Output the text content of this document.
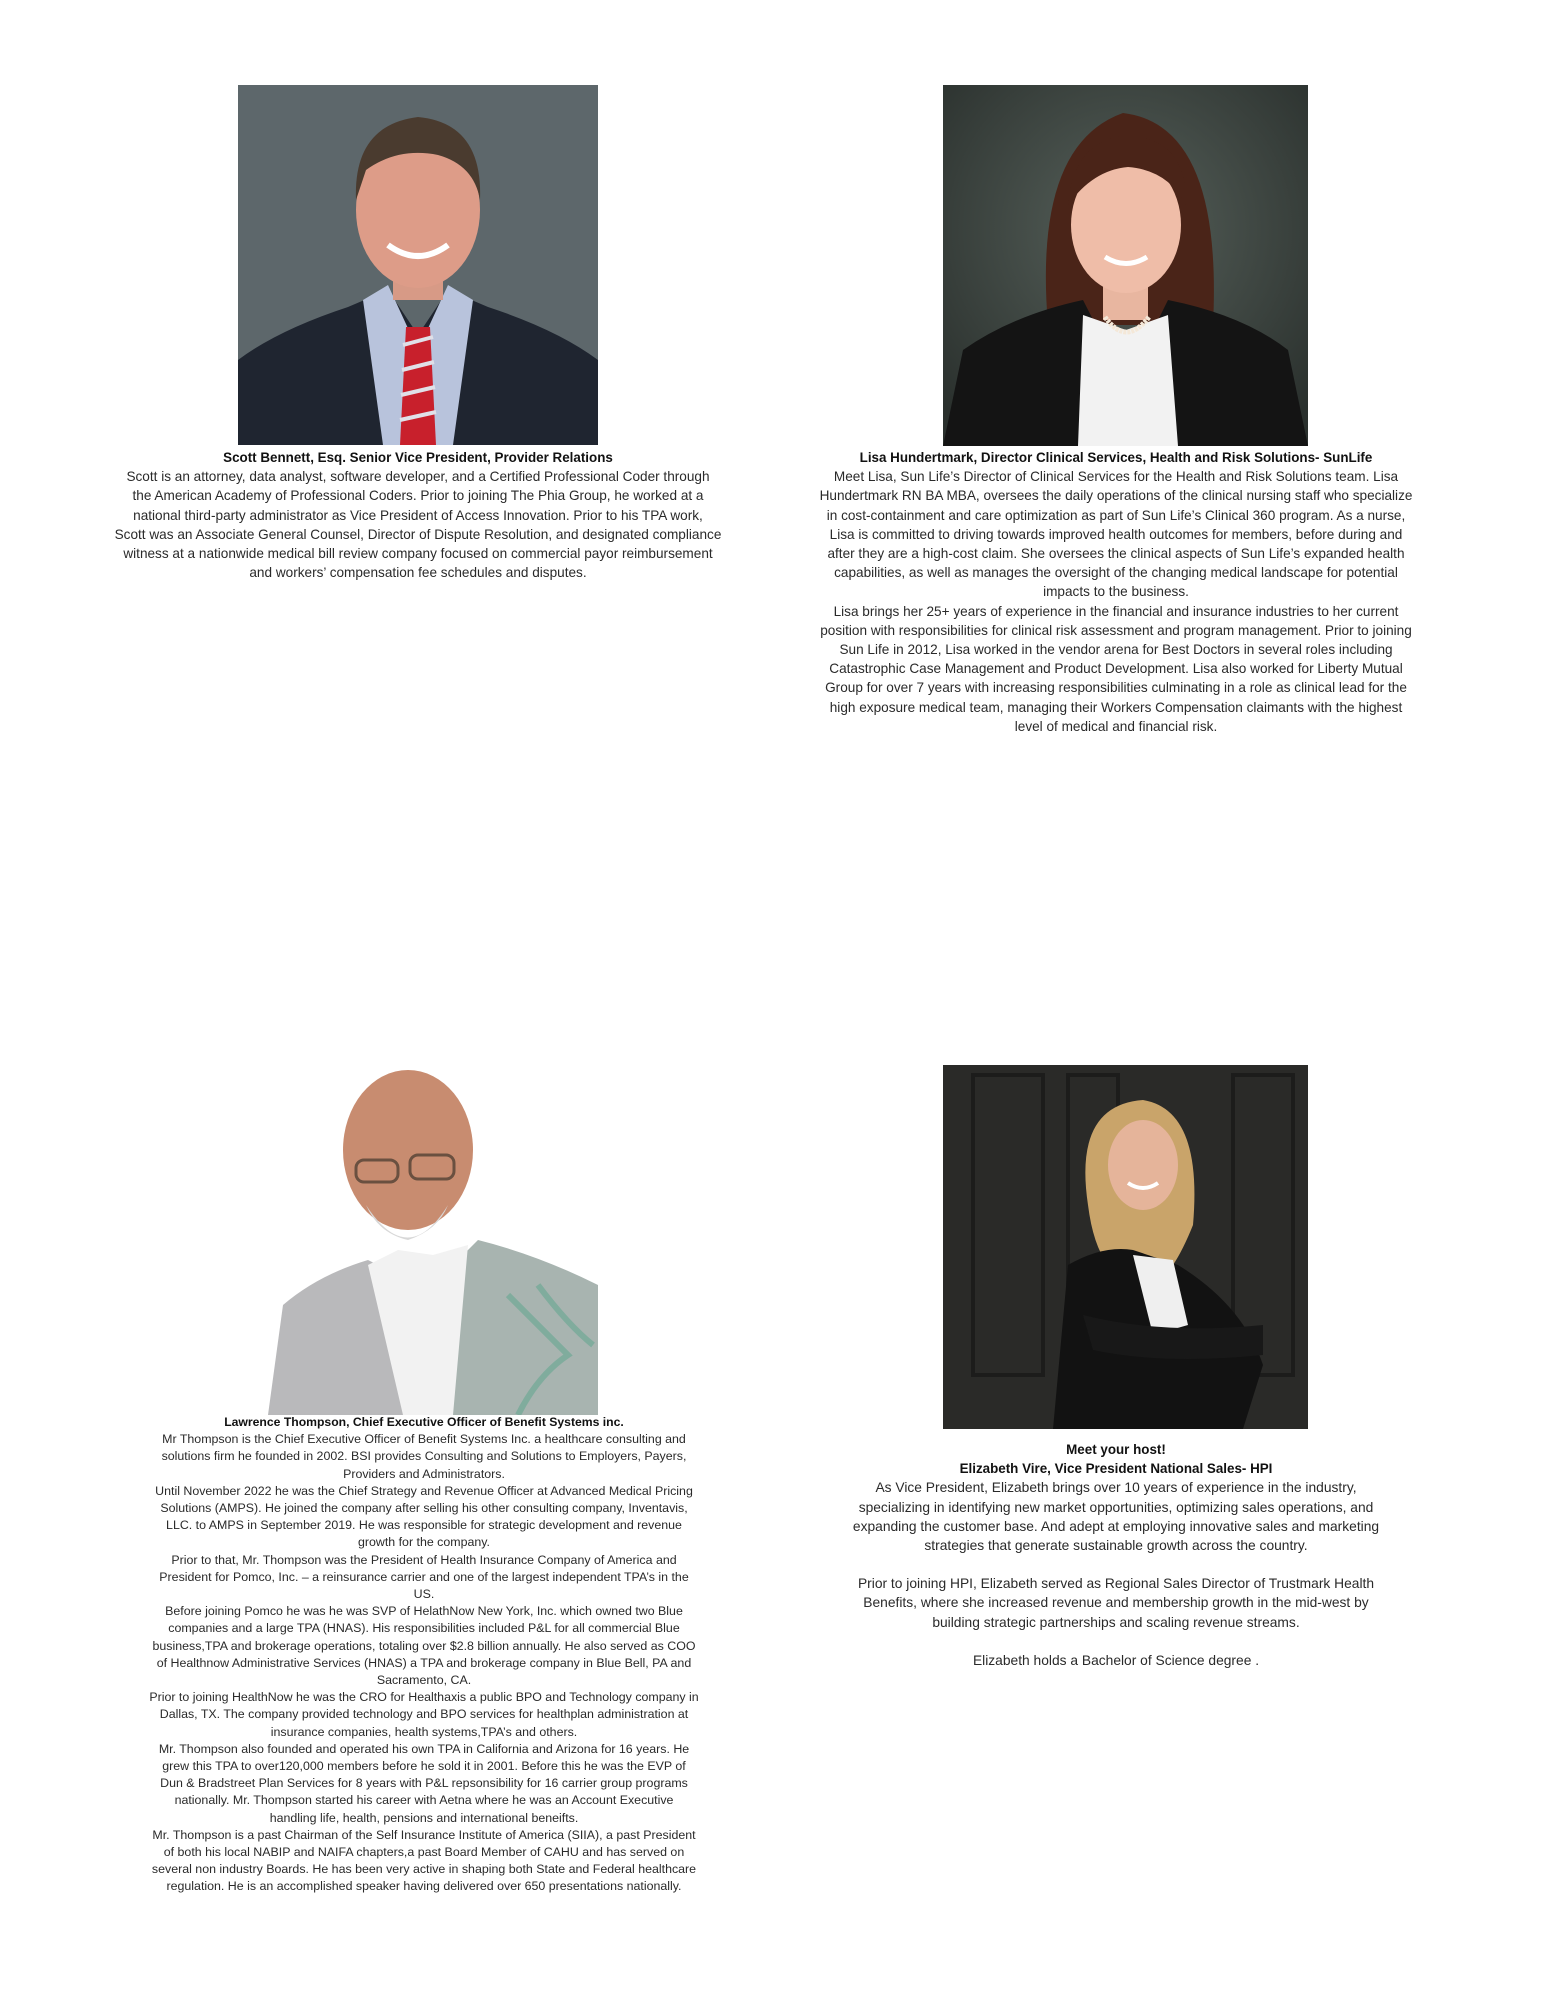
Scott Bennett, Esq. Senior Vice President, Provider Relations
Scott is an attorney, data analyst, software developer, and a Certified Professional Coder through
the American Academy of Professional Coders. Prior to joining The Phia Group, he worked at a
national third-party administrator as Vice President of Access Innovation. Prior to his TPA work,
Scott was an Associate General Counsel, Director of Dispute Resolution, and designated compliance
witness at a nationwide medical bill review company focused on commercial payor reimbursement
and workers’ compensation fee schedules and disputes.
Lisa Hundertmark, Director Clinical Services, Health and Risk Solutions- SunLife
Meet Lisa, Sun Life’s Director of Clinical Services for the Health and Risk Solutions team. Lisa
Hundertmark RN BA MBA, oversees the daily operations of the clinical nursing staff who specialize
in cost-containment and care optimization as part of Sun Life’s Clinical 360 program. As a nurse,
Lisa is committed to driving towards improved health outcomes for members, before during and
after they are a high-cost claim. She oversees the clinical aspects of Sun Life’s expanded health
capabilities, as well as manages the oversight of the changing medical landscape for potential
impacts to the business.
Lisa brings her 25+ years of experience in the financial and insurance industries to her current
position with responsibilities for clinical risk assessment and program management. Prior to joining
Sun Life in 2012, Lisa worked in the vendor arena for Best Doctors in several roles including
Catastrophic Case Management and Product Development. Lisa also worked for Liberty Mutual
Group for over 7 years with increasing responsibilities culminating in a role as clinical lead for the
high exposure medical team, managing their Workers Compensation claimants with the highest
level of medical and financial risk.
Lawrence Thompson, Chief Executive Officer of Benefit Systems inc.
Mr Thompson is the Chief Executive Officer of Benefit Systems Inc. a healthcare consulting and
solutions firm he founded in 2002. BSI provides Consulting and Solutions to Employers, Payers,
Providers and Administrators.
Until November 2022 he was the Chief Strategy and Revenue Officer at Advanced Medical Pricing
Solutions (AMPS). He joined the company after selling his other consulting company, Inventavis,
LLC. to AMPS in September 2019. He was responsible for strategic development and revenue
growth for the company.
Prior to that, Mr. Thompson was the President of Health Insurance Company of America and
President for Pomco, Inc. – a reinsurance carrier and one of the largest independent TPA’s in the
US.
Before joining Pomco he was he was SVP of HelathNow New York, Inc. which owned two Blue
companies and a large TPA (HNAS). His responsibilities included P&L for all commercial Blue
business,TPA and brokerage operations, totaling over $2.8 billion annually. He also served as COO
of Healthnow Administrative Services (HNAS) a TPA and brokerage company in Blue Bell, PA and
Sacramento, CA.
Prior to joining HealthNow he was the CRO for Healthaxis a public BPO and Technology company in
Dallas, TX. The company provided technology and BPO services for healthplan administration at
insurance companies, health systems,TPA’s and others.
Mr. Thompson also founded and operated his own TPA in California and Arizona for 16 years. He
grew this TPA to over120,000 members before he sold it in 2001. Before this he was the EVP of
Dun & Bradstreet Plan Services for 8 years with P&L repsonsibility for 16 carrier group programs
nationally. Mr. Thompson started his career with Aetna where he was an Account Executive
handling life, health, pensions and international beneifts.
Mr. Thompson is a past Chairman of the Self Insurance Institute of America (SIIA), a past President
of both his local NABIP and NAIFA chapters,a past Board Member of CAHU and has served on
several non industry Boards. He has been very active in shaping both State and Federal healthcare
regulation. He is an accomplished speaker having delivered over 650 presentations nationally.
Meet your host!
Elizabeth Vire, Vice President National Sales- HPI
As Vice President, Elizabeth brings over 10 years of experience in the industry,
specializing in identifying new market opportunities, optimizing sales operations, and
expanding the customer base. And adept at employing innovative sales and marketing
strategies that generate sustainable growth across the country.
Prior to joining HPI, Elizabeth served as Regional Sales Director of Trustmark Health
Benefits, where she increased revenue and membership growth in the mid-west by
building strategic partnerships and scaling revenue streams.
Elizabeth holds a Bachelor of Science degree .
